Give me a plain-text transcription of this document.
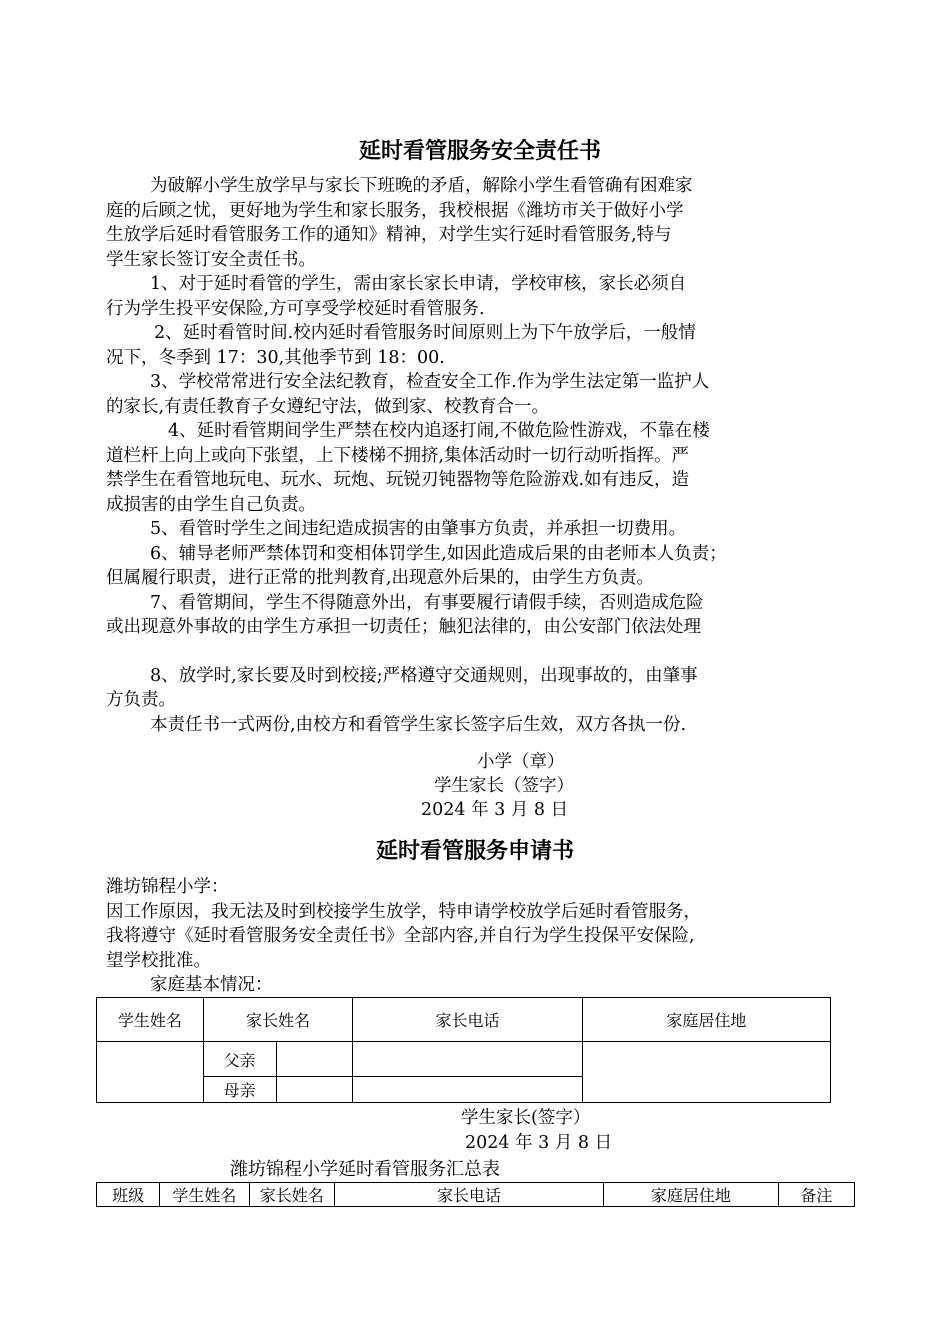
延时看管服务安全责任书

为破解小学生放学早与家长下班晚的矛盾，解除小学生看管确有困难家

庭的后顾之忧，更好地为学生和家长服务，我校根据《潍坊市关于做好小学

生放学后延时看管服务工作的通知》精神，对学生实行延时看管服务,特与

学生家长签订安全责任书。

1、对于延时看管的学生，需由家长家长申请，学校审核，家长必须自

行为学生投平安保险,方可享受学校延时看管服务.

2、延时看管时间.校内延时看管服务时间原则上为下午放学后，一般情

况下，冬季到 17：30,其他季节到 18：00.

3、学校常常进行安全法纪教育，检查安全工作.作为学生法定第一监护人

的家长,有责任教育子女遵纪守法，做到家、校教育合一。

4、延时看管期间学生严禁在校内追逐打闹,不做危险性游戏，不靠在楼

道栏杆上向上或向下张望，上下楼梯不拥挤,集体活动时一切行动听指挥。严

禁学生在看管地玩电、玩水、玩炮、玩锐刃钝器物等危险游戏.如有违反，造

成损害的由学生自己负责。

5、看管时学生之间违纪造成损害的由肇事方负责，并承担一切费用。

6、辅导老师严禁体罚和变相体罚学生,如因此造成后果的由老师本人负责；

但属履行职责，进行正常的批判教育,出现意外后果的，由学生方负责。

7、看管期间，学生不得随意外出，有事要履行请假手续，否则造成危险

或出现意外事故的由学生方承担一切责任；触犯法律的，由公安部门依法处理

8、放学时,家长要及时到校接;严格遵守交通规则，出现事故的，由肇事

方负责。

本责任书一式两份,由校方和看管学生家长签字后生效，双方各执一份.

小学（章）
学生家长（签字）
2024 年 3 月 8 日
延时看管服务申请书

潍坊锦程小学：

因工作原因，我无法及时到校接学生放学，特申请学校放学后延时看管服务，

我将遵守《延时看管服务安全责任书》全部内容,并自行为学生投保平安保险,

望学校批准。

家庭基本情况：

学生姓名	家长姓名		家长电话	家庭居住地
	父亲			
	母亲			
学生家长(签字）
2024 年 3 月 8 日
潍坊锦程小学延时看管服务汇总表
班级	学生姓名	家长姓名	家长电话	家庭居住地	备注
